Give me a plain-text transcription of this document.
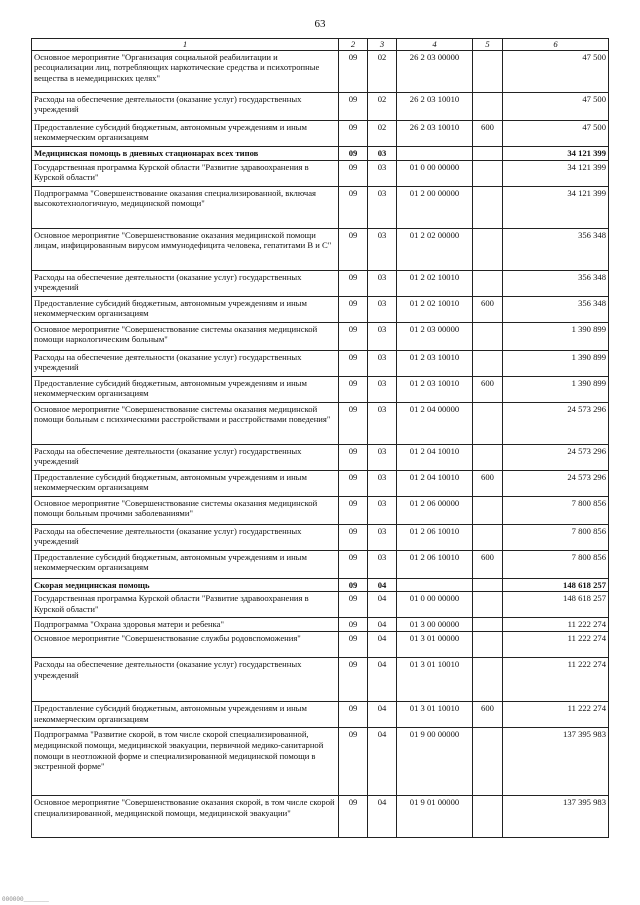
63
1	2	3	4	5	6
Основное мероприятие "Организация социальной реабилитации и ресоциализации лиц, потребляющих наркотические средства и психотропные вещества в немедицинских целях"	09	02	26 2 03 00000		47 500
Расходы на обеспечение деятельности (оказание услуг) государственных учреждений	09	02	26 2 03 10010		47 500
Предоставление субсидий бюджетным, автономным учреждениям и иным некоммерческим организациям	09	02	26 2 03 10010	600	47 500
Медицинская помощь в дневных стационарах всех типов	09	03			34 121 399
Государственная программа Курской области "Развитие здравоохранения в Курской области"	09	03	01 0 00 00000		34 121 399
Подпрограмма "Совершенствование оказания специализированной, включая высокотехнологичную, медицинской помощи"	09	03	01 2 00 00000		34 121 399
Основное мероприятие "Совершенствование оказания медицинской помощи лицам, инфицированным вирусом иммунодефицита человека, гепатитами В и С"	09	03	01 2 02 00000		356 348
Расходы на обеспечение деятельности (оказание услуг) государственных учреждений	09	03	01 2 02 10010		356 348
Предоставление субсидий бюджетным, автономным учреждениям и иным некоммерческим организациям	09	03	01 2 02 10010	600	356 348
Основное мероприятие "Совершенствование системы оказания медицинской помощи наркологическим больным"	09	03	01 2 03 00000		1 390 899
Расходы на обеспечение деятельности (оказание услуг) государственных учреждений	09	03	01 2 03 10010		1 390 899
Предоставление субсидий бюджетным, автономным учреждениям и иным некоммерческим организациям	09	03	01 2 03 10010	600	1 390 899
Основное мероприятие "Совершенствование системы оказания медицинской помощи больным с психическими расстройствами и расстройствами поведения"	09	03	01 2 04 00000		24 573 296
Расходы на обеспечение деятельности (оказание услуг) государственных учреждений	09	03	01 2 04 10010		24 573 296
Предоставление субсидий бюджетным, автономным учреждениям и иным некоммерческим организациям	09	03	01 2 04 10010	600	24 573 296
Основное мероприятие "Совершенствование системы оказания медицинской помощи больным прочими заболеваниями"	09	03	01 2 06 00000		7 800 856
Расходы на обеспечение деятельности (оказание услуг) государственных учреждений	09	03	01 2 06 10010		7 800 856
Предоставление субсидий бюджетным, автономным учреждениям и иным некоммерческим организациям	09	03	01 2 06 10010	600	7 800 856
Скорая медицинская помощь	09	04			148 618 257
Государственная программа Курской области "Развитие здравоохранения в Курской области"	09	04	01 0 00 00000		148 618 257
Подпрограмма "Охрана здоровья матери и ребенка"	09	04	01 3 00 00000		11 222 274
Основное мероприятие "Совершенствование службы родовспоможения"	09	04	01 3 01 00000		11 222 274
Расходы на обеспечение деятельности (оказание услуг) государственных учреждений	09	04	01 3 01 10010		11 222 274
Предоставление субсидий бюджетным, автономным учреждениям и иным некоммерческим организациям	09	04	01 3 01 10010	600	11 222 274
Подпрограмма "Развитие скорой, в том числе скорой специализированной, медицинской помощи, медицинской эвакуации, первичной медико-санитарной помощи в неотложной форме и специализированной медицинской помощи в экстренной форме"	09	04	01 9 00 00000		137 395 983
Основное мероприятие "Совершенствование оказания скорой, в том числе скорой специализированной, медицинской помощи, медицинской эвакуации"	09	04	01 9 01 00000		137 395 983
000000_______
